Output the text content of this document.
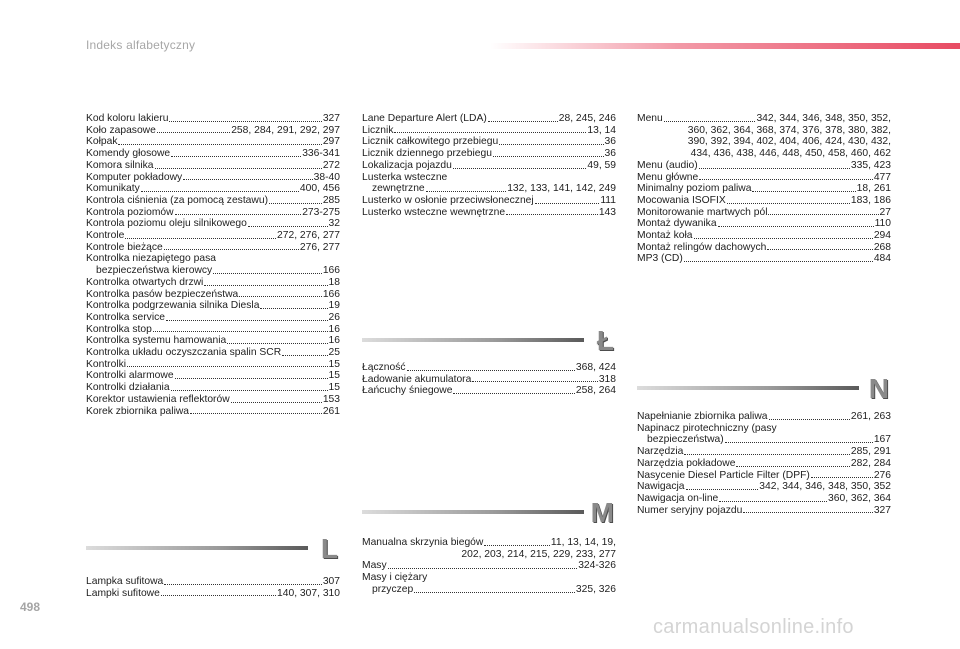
Indeks alfabetyczny
Kod koloru lakieru	327
Koło zapasowe	258, 284, 291, 292, 297
Kołpak	297
Komendy głosowe	336-341
Komora silnika	272
Komputer pokładowy	38-40
Komunikaty	400, 456
Kontrola ciśnienia (za pomocą zestawu)	285
Kontrola poziomów	273-275
Kontrola poziomu oleju silnikowego	32
Kontrole	272, 276, 277
Kontrole bieżące	276, 277
Kontrolka niezapiętego pasa
bezpieczeństwa kierowcy	166
Kontrolka otwartych drzwi	18
Kontrolka pasów bezpieczeństwa	166
Kontrolka podgrzewania silnika Diesla	19
Kontrolka service	26
Kontrolka stop	16
Kontrolka systemu hamowania	16
Kontrolka układu oczyszczania spalin SCR	25
Kontrolki	15
Kontrolki alarmowe	15
Kontrolki działania	15
Korektor ustawienia reflektorów	153
Korek zbiornika paliwa	261
L
Lampka sufitowa	307
Lampki sufitowe	140, 307, 310
Lane Departure Alert (LDA)	28, 245, 246
Licznik	13, 14
Licznik całkowitego przebiegu	36
Licznik dziennego przebiegu	36
Lokalizacja pojazdu	49, 59
Lusterka wsteczne
zewnętrzne	132, 133, 141, 142, 249
Lusterko w osłonie przeciwsłonecznej	111
Lusterko wsteczne wewnętrzne	143
Ł
Łączność	368, 424
Ładowanie akumulatora	318
Łańcuchy śniegowe	258, 264
M
Manualna skrzynia biegów	11, 13, 14, 19,
202, 203, 214, 215, 229, 233, 277
Masy	324-326
Masy i ciężary
przyczep	325, 326
Menu	342, 344, 346, 348, 350, 352,
360, 362, 364, 368, 374, 376, 378, 380, 382,
390, 392, 394, 402, 404, 406, 424, 430, 432,
434, 436, 438, 446, 448, 450, 458, 460, 462
Menu (audio)	335, 423
Menu główne	477
Minimalny poziom paliwa	18, 261
Mocowania ISOFIX	183, 186
Monitorowanie martwych pól	27
Montaż dywanika	110
Montaż koła	294
Montaż relingów dachowych	268
MP3 (CD)	484
N
Napełnianie zbiornika paliwa	261, 263
Napinacz pirotechniczny (pasy
bezpieczeństwa)	167
Narzędzia	285, 291
Narzędzia pokładowe	282, 284
Nasycenie Diesel Particle Filter (DPF)	276
Nawigacja	342, 344, 346, 348, 350, 352
Nawigacja on-line	360, 362, 364
Numer seryjny pojazdu	327
498
carmanualsonline.info
